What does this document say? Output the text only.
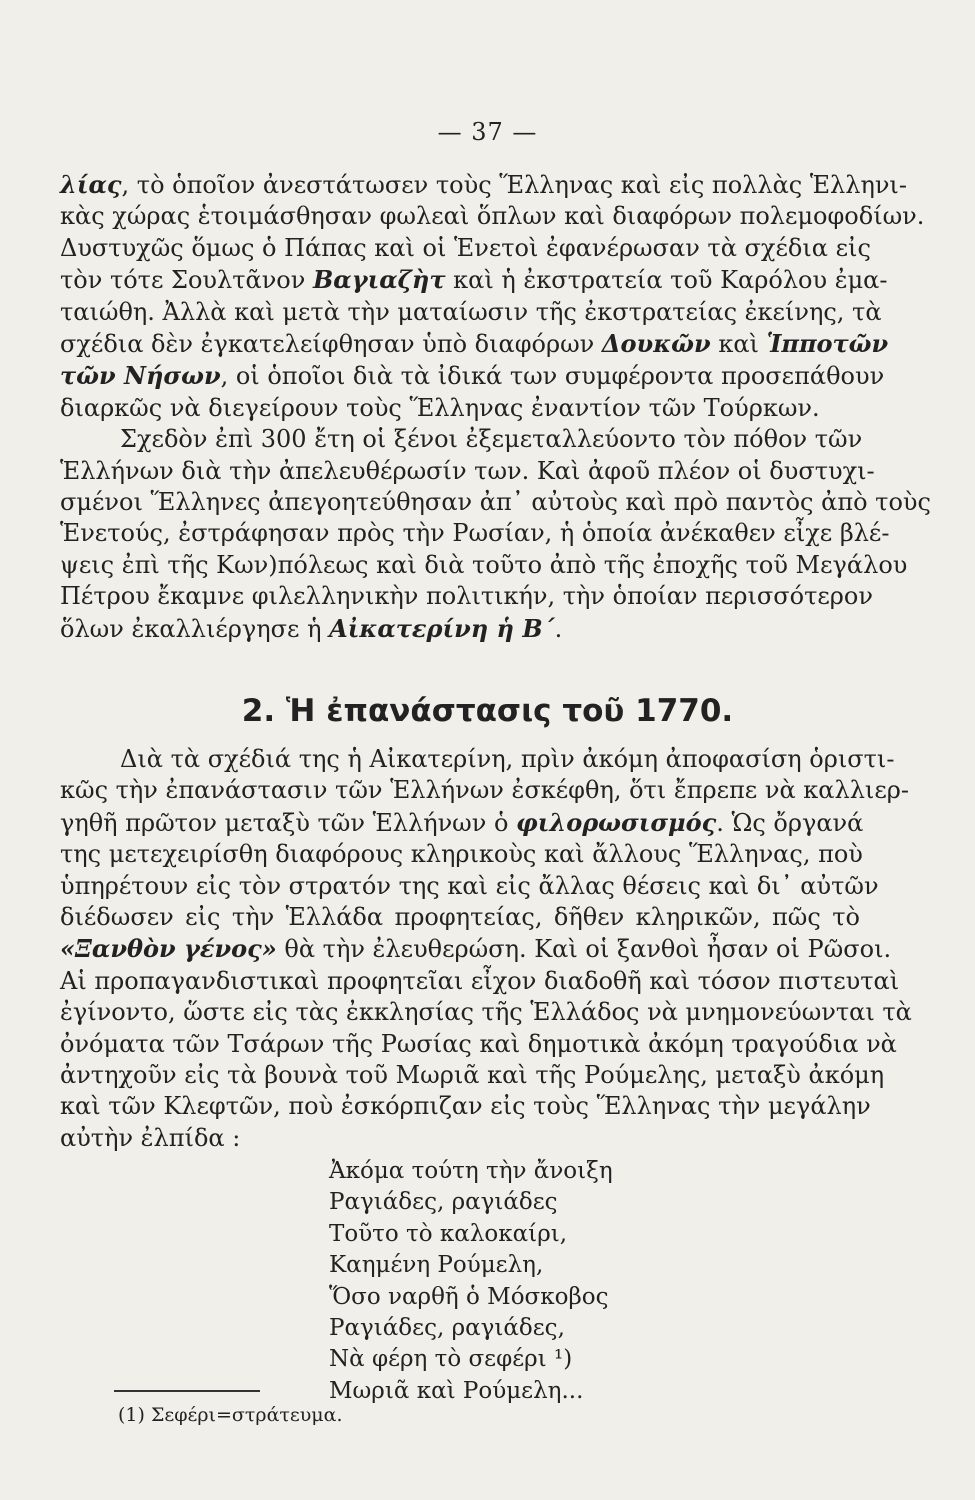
— 37 —
λίας, τὸ ὁποῖον ἀνεστάτωσεν τοὺς Ἕλληνας καὶ εἰς πολλὰς Ἑλληνι-
κὰς χώρας ἑτοιμάσθησαν φωλεαὶ ὅπλων καὶ διαφόρων πολεμοφοδίων.
Δυστυχῶς ὅμως ὁ Πάπας καὶ οἱ Ἑνετοὶ ἐφανέρωσαν τὰ σχέδια εἰς
τὸν τότε Σουλτᾶνον Βαγιαζὴτ καὶ ἡ ἐκστρατεία τοῦ Καρόλου ἐμα-
ταιώθη. Ἀλλὰ καὶ μετὰ τὴν ματαίωσιν τῆς ἐκστρατείας ἐκείνης, τὰ
σχέδια δὲν ἐγκατελείφθησαν ὑπὸ διαφόρων Δουκῶν καὶ Ἱπποτῶν
τῶν Νήσων, οἱ ὁποῖοι διὰ τὰ ἰδικά των συμφέροντα προσεπάθουν
διαρκῶς νὰ διεγείρουν τοὺς Ἕλληνας ἐναντίον τῶν Τούρκων.
Σχεδὸν ἐπὶ 300 ἔτη οἱ ξένοι ἐξεμεταλλεύοντο τὸν πόθον τῶν
Ἑλλήνων διὰ τὴν ἀπελευθέρωσίν των. Καὶ ἀφοῦ πλέον οἱ δυστυχι-
σμένοι Ἕλληνες ἀπεγοητεύθησαν ἀπ᾽ αὐτοὺς καὶ πρὸ παντὸς ἀπὸ τοὺς
Ἑνετούς, ἐστράφησαν πρὸς τὴν Ρωσίαν, ἡ ὁποία ἀνέκαθεν εἶχε βλέ-
ψεις ἐπὶ τῆς Κων)πόλεως καὶ διὰ τοῦτο ἀπὸ τῆς ἐποχῆς τοῦ Μεγάλου
Πέτρου ἔκαμνε φιλελληνικὴν πολιτικήν, τὴν ὁποίαν περισσότερον
ὅλων ἐκαλλιέργησε ἡ Αἰκατερίνη ἡ Β΄.
2. Ἡ ἐπανάστασις τοῦ 1770.
Διὰ τὰ σχέδιά της ἡ Αἰκατερίνη, πρὶν ἀκόμη ἀποφασίση ὁριστι-
κῶς τὴν ἐπανάστασιν τῶν Ἑλλήνων ἐσκέφθη, ὅτι ἔπρεπε νὰ καλλιερ-
γηθῆ πρῶτον μεταξὺ τῶν Ἑλλήνων ὁ φιλορωσισμός. Ὡς ὄργανά
της μετεχειρίσθη διαφόρους κληρικοὺς καὶ ἄλλους Ἕλληνας, ποὺ
ὑπηρέτουν εἰς τὸν στρατόν της καὶ εἰς ἄλλας θέσεις καὶ δι᾽ αὐτῶν
διέδωσεν εἰς τὴν Ἑλλάδα προφητείας, δῆθεν κληρικῶν, πῶς τὸ
«Ξανθὸν γένος» θὰ τὴν ἐλευθερώση. Καὶ οἱ ξανθοὶ ἦσαν οἱ Ρῶσοι.
Αἱ προπαγανδιστικαὶ προφητεῖαι εἶχον διαδοθῆ καὶ τόσον πιστευταὶ
ἐγίνοντο, ὥστε εἰς τὰς ἐκκλησίας τῆς Ἑλλάδος νὰ μνημονεύωνται τὰ
ὀνόματα τῶν Τσάρων τῆς Ρωσίας καὶ δημοτικὰ ἀκόμη τραγούδια νὰ
ἀντηχοῦν εἰς τὰ βουνὰ τοῦ Μωριᾶ καὶ τῆς Ρούμελης, μεταξὺ ἀκόμη
καὶ τῶν Κλεφτῶν, ποὺ ἐσκόρπιζαν εἰς τοὺς Ἕλληνας τὴν μεγάλην
αὐτὴν ἐλπίδα :
Ἀκόμα τούτη τὴν ἄνοιξη
Ραγιάδες, ραγιάδες
Τοῦτο τὸ καλοκαίρι,
Καημένη Ρούμελη,
Ὅσο ναρθῆ ὁ Μόσκοβος
Ραγιάδες, ραγιάδες,
Νὰ φέρη τὸ σεφέρι ¹)
Μωριᾶ καὶ Ρούμελη...
(1) Σεφέρι=στράτευμα.
